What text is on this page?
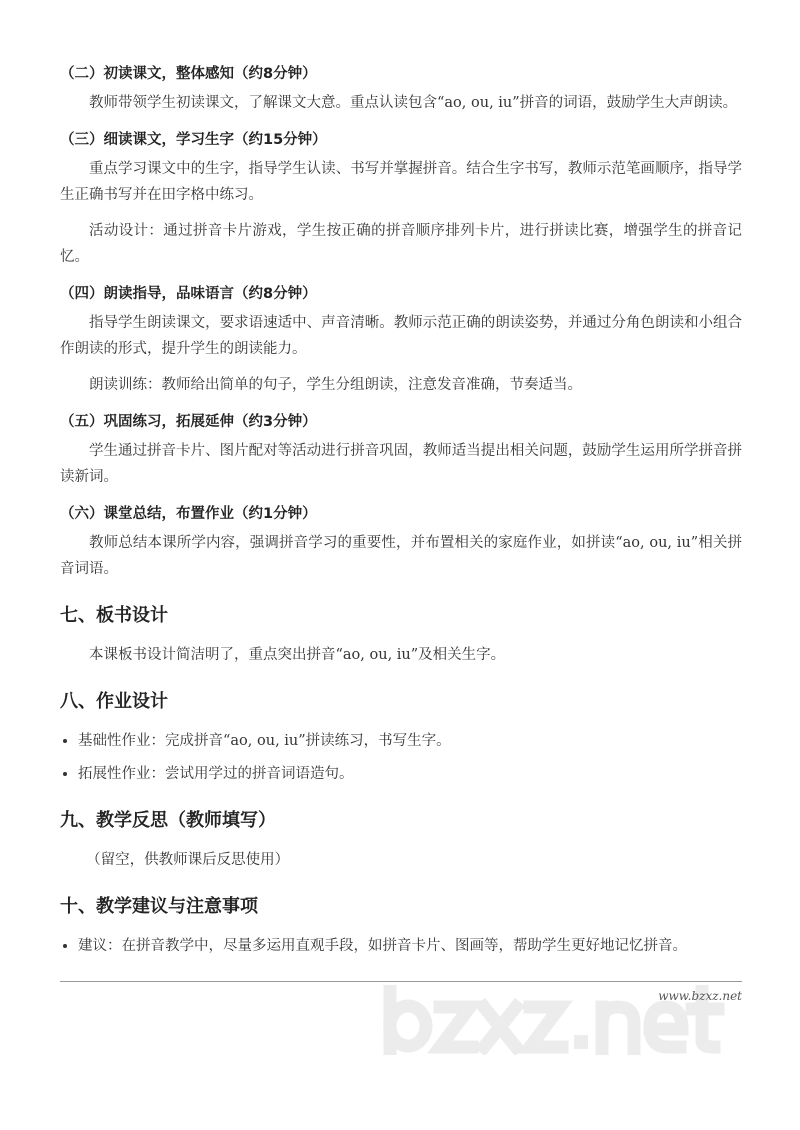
（二）初读课文，整体感知（约8分钟）
教师带领学生初读课文，了解课文大意。重点认读包含“ao, ou, iu”拼音的词语，鼓励学生大声朗读。
（三）细读课文，学习生字（约15分钟）
重点学习课文中的生字，指导学生认读、书写并掌握拼音。结合生字书写，教师示范笔画顺序，指导学生正确书写并在田字格中练习。
活动设计：通过拼音卡片游戏，学生按正确的拼音顺序排列卡片，进行拼读比赛，增强学生的拼音记忆。
（四）朗读指导，品味语言（约8分钟）
指导学生朗读课文，要求语速适中、声音清晰。教师示范正确的朗读姿势，并通过分角色朗读和小组合作朗读的形式，提升学生的朗读能力。
朗读训练：教师给出简单的句子，学生分组朗读，注意发音准确，节奏适当。
（五）巩固练习，拓展延伸（约3分钟）
学生通过拼音卡片、图片配对等活动进行拼音巩固，教师适当提出相关问题，鼓励学生运用所学拼音拼读新词。
（六）课堂总结，布置作业（约1分钟）
教师总结本课所学内容，强调拼音学习的重要性，并布置相关的家庭作业，如拼读“ao, ou, iu”相关拼音词语。
七、板书设计
本课板书设计简洁明了，重点突出拼音“ao, ou, iu”及相关生字。
八、作业设计
• 基础性作业：完成拼音“ao, ou, iu”拼读练习，书写生字。
• 拓展性作业：尝试用学过的拼音词语造句。
九、教学反思（教师填写）
（留空，供教师课后反思使用）
十、教学建议与注意事项
• 建议：在拼音教学中，尽量多运用直观手段，如拼音卡片、图画等，帮助学生更好地记忆拼音。
www.bzxz.net
